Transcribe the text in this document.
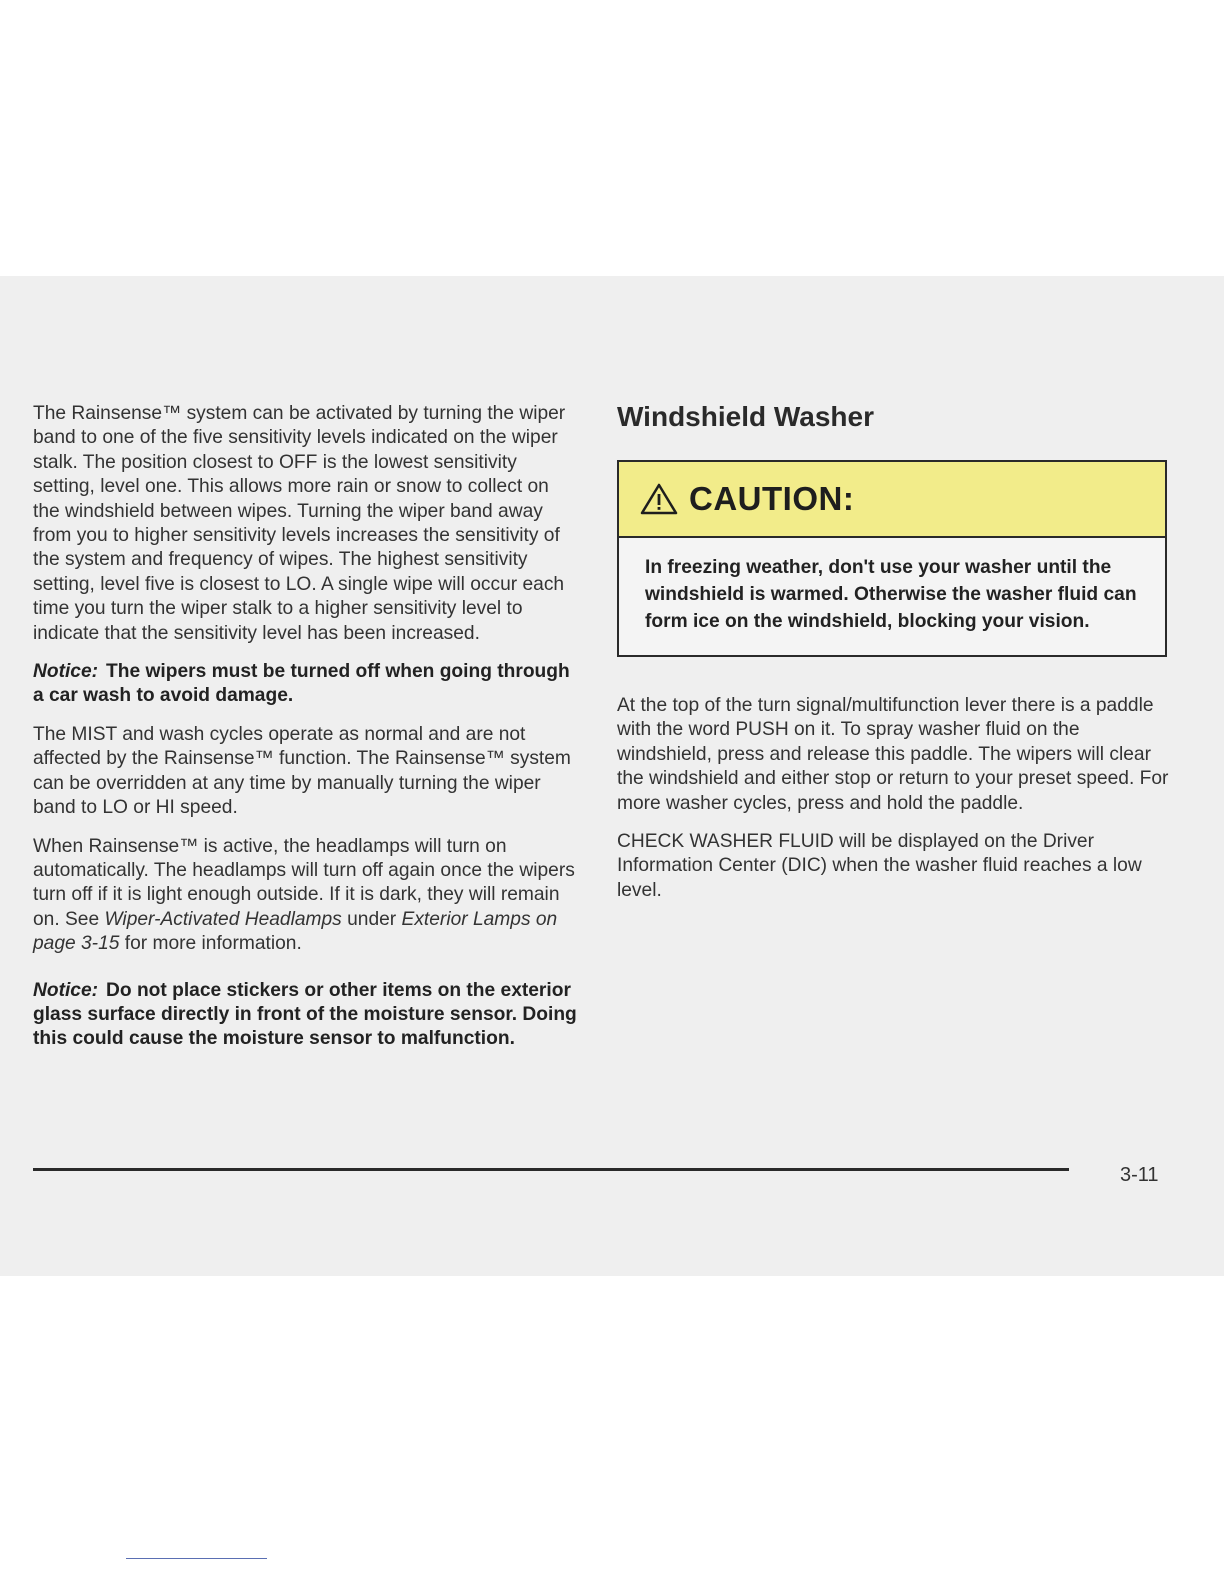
The Rainsense™ system can be activated by turning the wiper band to one of the five sensitivity levels indicated on the wiper stalk. The position closest to OFF is the lowest sensitivity setting, level one. This allows more rain or snow to collect on the windshield between wipes. Turning the wiper band away from you to higher sensitivity levels increases the sensitivity of the system and frequency of wipes. The highest sensitivity setting, level five is closest to LO. A single wipe will occur each time you turn the wiper stalk to a higher sensitivity level to indicate that the sensitivity level has been increased.

Notice: The wipers must be turned off when going through a car wash to avoid damage.

The MIST and wash cycles operate as normal and are not affected by the Rainsense™ function. The Rainsense™ system can be overridden at any time by manually turning the wiper band to LO or HI speed.

When Rainsense™ is active, the headlamps will turn on automatically. The headlamps will turn off again once the wipers turn off if it is light enough outside. If it is dark, they will remain on. See Wiper-Activated Headlamps under Exterior Lamps on page 3-15 for more information.

Notice: Do not place stickers or other items on the exterior glass surface directly in front of the moisture sensor. Doing this could cause the moisture sensor to malfunction.

Windshield Washer
CAUTION:
In freezing weather, don't use your washer until the windshield is warmed. Otherwise the washer fluid can form ice on the windshield, blocking your vision.

At the top of the turn signal/multifunction lever there is a paddle with the word PUSH on it. To spray washer fluid on the windshield, press and release this paddle. The wipers will clear the windshield and either stop or return to your preset speed. For more washer cycles, press and hold the paddle.

CHECK WASHER FLUID will be displayed on the Driver Information Center (DIC) when the washer fluid reaches a low level.

3-11
